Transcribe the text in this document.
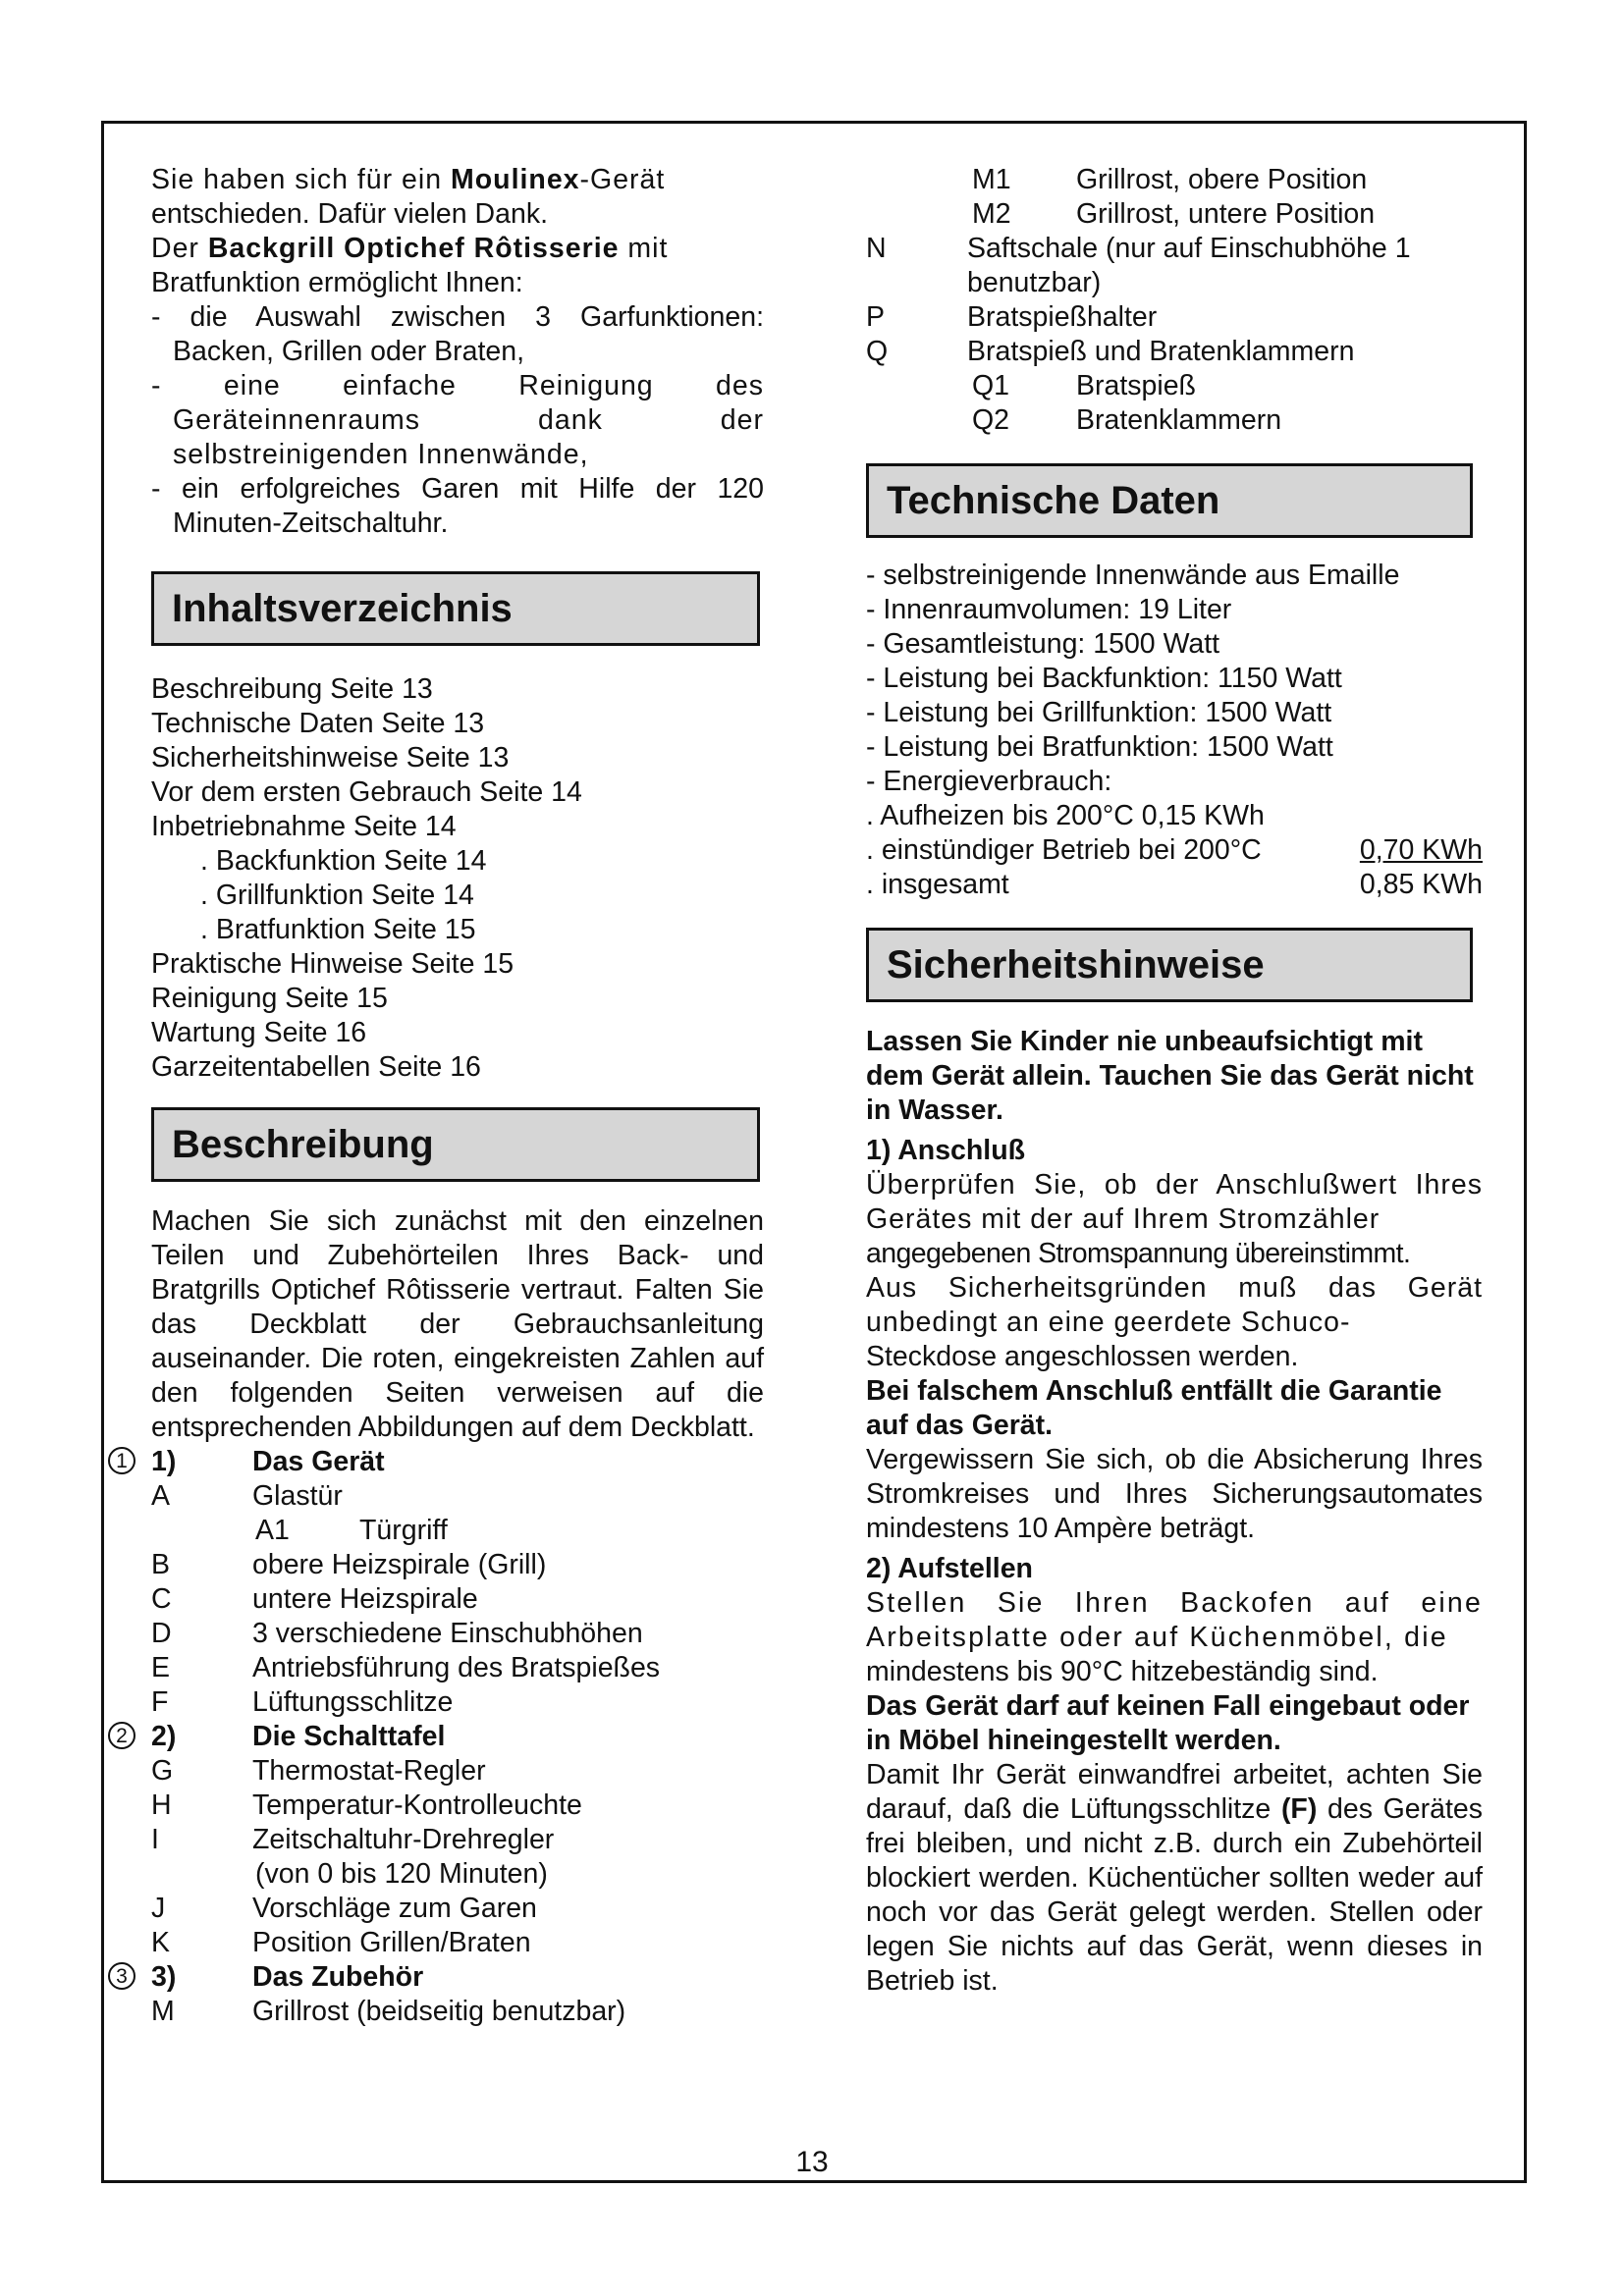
Sie haben sich für ein Moulinex-Gerät

entschieden. Dafür vielen Dank.

Der Backgrill Optichef Rôtisserie mit

Bratfunktion ermöglicht Ihnen:

- die Auswahl zwischen 3 Garfunktionen: Backen, Grillen oder Braten,

- eine einfache Reinigung des Geräteinnenraums dank der selbstreinigenden Innenwände,

- ein erfolgreiches Garen mit Hilfe der 120 Minuten-Zeitschaltuhr.

Inhaltsverzeichnis

Beschreibung Seite 13

Technische Daten Seite 13

Sicherheitshinweise Seite 13

Vor dem ersten Gebrauch Seite 14

Inbetriebnahme Seite 14

. Backfunktion Seite 14

. Grillfunktion Seite 14

. Bratfunktion Seite 15

Praktische Hinweise Seite 15

Reinigung Seite 15

Wartung Seite 16

Garzeitentabellen Seite 16

Beschreibung

Machen Sie sich zunächst mit den einzelnen Teilen und Zubehörteilen Ihres Back- und Bratgrills Optichef Rôtisserie vertraut. Falten Sie das Deckblatt der Gebrauchsanleitung auseinander. Die roten, eingekreisten Zahlen auf den folgenden Seiten verweisen auf die entsprechenden Abbildungen auf dem Deckblatt.

1 1)	Das Gerät
A	Glastür
A1	Türgriff
B	obere Heizspirale (Grill)
C	untere Heizspirale
D	3 verschiedene Einschubhöhen
E	Antriebsführung des Bratspießes
F	Lüftungsschlitze
2 2)	Die Schalttafel
G	Thermostat-Regler
H	Temperatur-Kontrolleuchte
I	Zeitschaltuhr-Drehregler

(von 0 bis 120 Minuten)

J	Vorschläge zum Garen
K	Position Grillen/Braten
3 3)	Das Zubehör
M	Grillrost (beidseitig benutzbar)
M1	Grillrost, obere Position
M2	Grillrost, untere Position
N	Saftschale (nur auf Einschubhöhe 1

benutzbar)

P	Bratspießhalter
Q	Bratspieß und Bratenklammern
Q1	Bratspieß
Q2	Bratenklammern
Technische Daten

- selbstreinigende Innenwände aus Emaille

- Innenraumvolumen: 19 Liter

- Gesamtleistung: 1500 Watt

- Leistung bei Backfunktion: 1150 Watt

- Leistung bei Grillfunktion: 1500 Watt

- Leistung bei Bratfunktion: 1500 Watt

- Energieverbrauch:

. Aufheizen bis 200°C 0,15 KWh

. einstündiger Betrieb bei 200°C	0,70 KWh
. insgesamt	0,85 KWh
Sicherheitshinweise

Lassen Sie Kinder nie unbeaufsichtigt mit dem Gerät allein. Tauchen Sie das Gerät nicht in Wasser.

1) Anschluß

Überprüfen Sie, ob der Anschlußwert Ihres Gerätes mit der auf Ihrem Stromzähler

angegebenen Stromspannung übereinstimmt.

Aus Sicherheitsgründen muß das Gerät unbedingt an eine geerdete Schuco-

Steckdose angeschlossen werden.

Bei falschem Anschluß entfällt die Garantie auf das Gerät.

Vergewissern Sie sich, ob die Absicherung Ihres Stromkreises und Ihres Sicherungsautomates mindestens 10 Ampère beträgt.

2) Aufstellen

Stellen Sie Ihren Backofen auf eine Arbeitsplatte oder auf Küchenmöbel, die

mindestens bis 90°C hitzebeständig sind.

Das Gerät darf auf keinen Fall eingebaut oder in Möbel hineingestellt werden.

Damit Ihr Gerät einwandfrei arbeitet, achten Sie darauf, daß die Lüftungsschlitze (F) des Gerätes frei bleiben, und nicht z.B. durch ein Zubehörteil blockiert werden. Küchentücher sollten weder auf noch vor das Gerät gelegt werden. Stellen oder legen Sie nichts auf das Gerät, wenn dieses in Betrieb ist.

13
